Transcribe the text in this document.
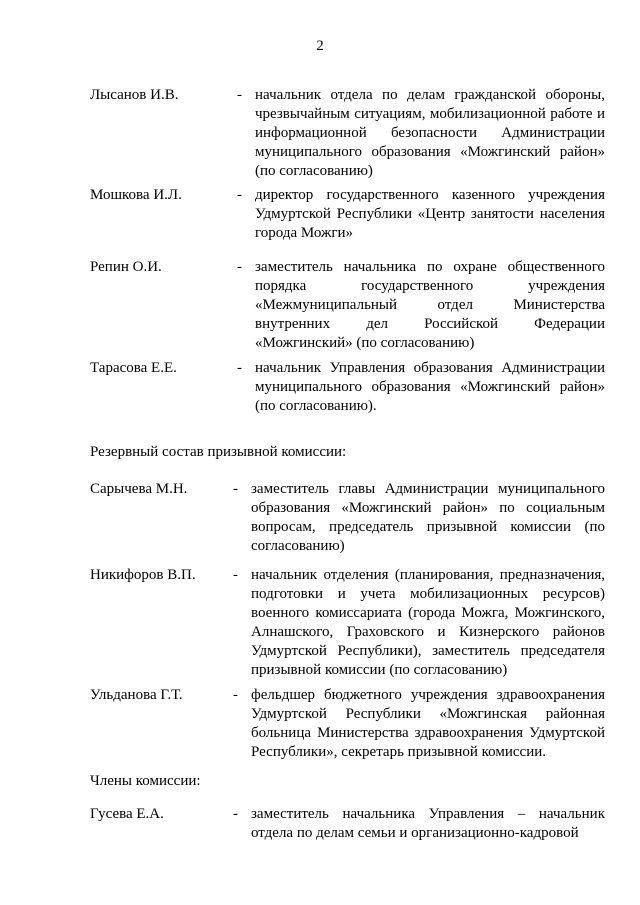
2
Лысанов И.В.	- начальник отдела по делам гражданской обороны, чрезвычайным ситуациям, мобилизационной работе и информационной безопасности Администрации муниципального образования «Можгинский район» (по согласованию)
Мошкова И.Л.	- директор государственного казенного учреждения Удмуртской Республики «Центр занятости населения города Можги»
Репин О.И.	- заместитель начальника по охране общественного порядка государственного учреждения «Межмуниципальный отдел Министерства внутренних дел Российской Федерации «Можгинский» (по согласованию)
Тарасова Е.Е.	- начальник Управления образования Администрации муниципального образования «Можгинский район» (по согласованию).
Резервный состав призывной комиссии:
Сарычева М.Н.	- заместитель главы Администрации муниципального образования «Можгинский район» по социальным вопросам, председатель призывной комиссии (по согласованию)
Никифоров В.П. - начальник отделения (планирования, предназначения, подготовки и учета мобилизационных ресурсов) военного комиссариата (города Можга, Можгинского, Алнашского, Граховского и Кизнерского районов Удмуртской Республики), заместитель председателя призывной комиссии (по согласованию)
Ульданова Г.Т.	- фельдшер бюджетного учреждения здравоохранения Удмуртской Республики «Можгинская районная больница Министерства здравоохранения Удмуртской Республики», секретарь призывной комиссии.
Члены комиссии:
Гусева Е.А.	- заместитель начальника Управления – начальник отдела по делам семьи и организационно-кадровой
